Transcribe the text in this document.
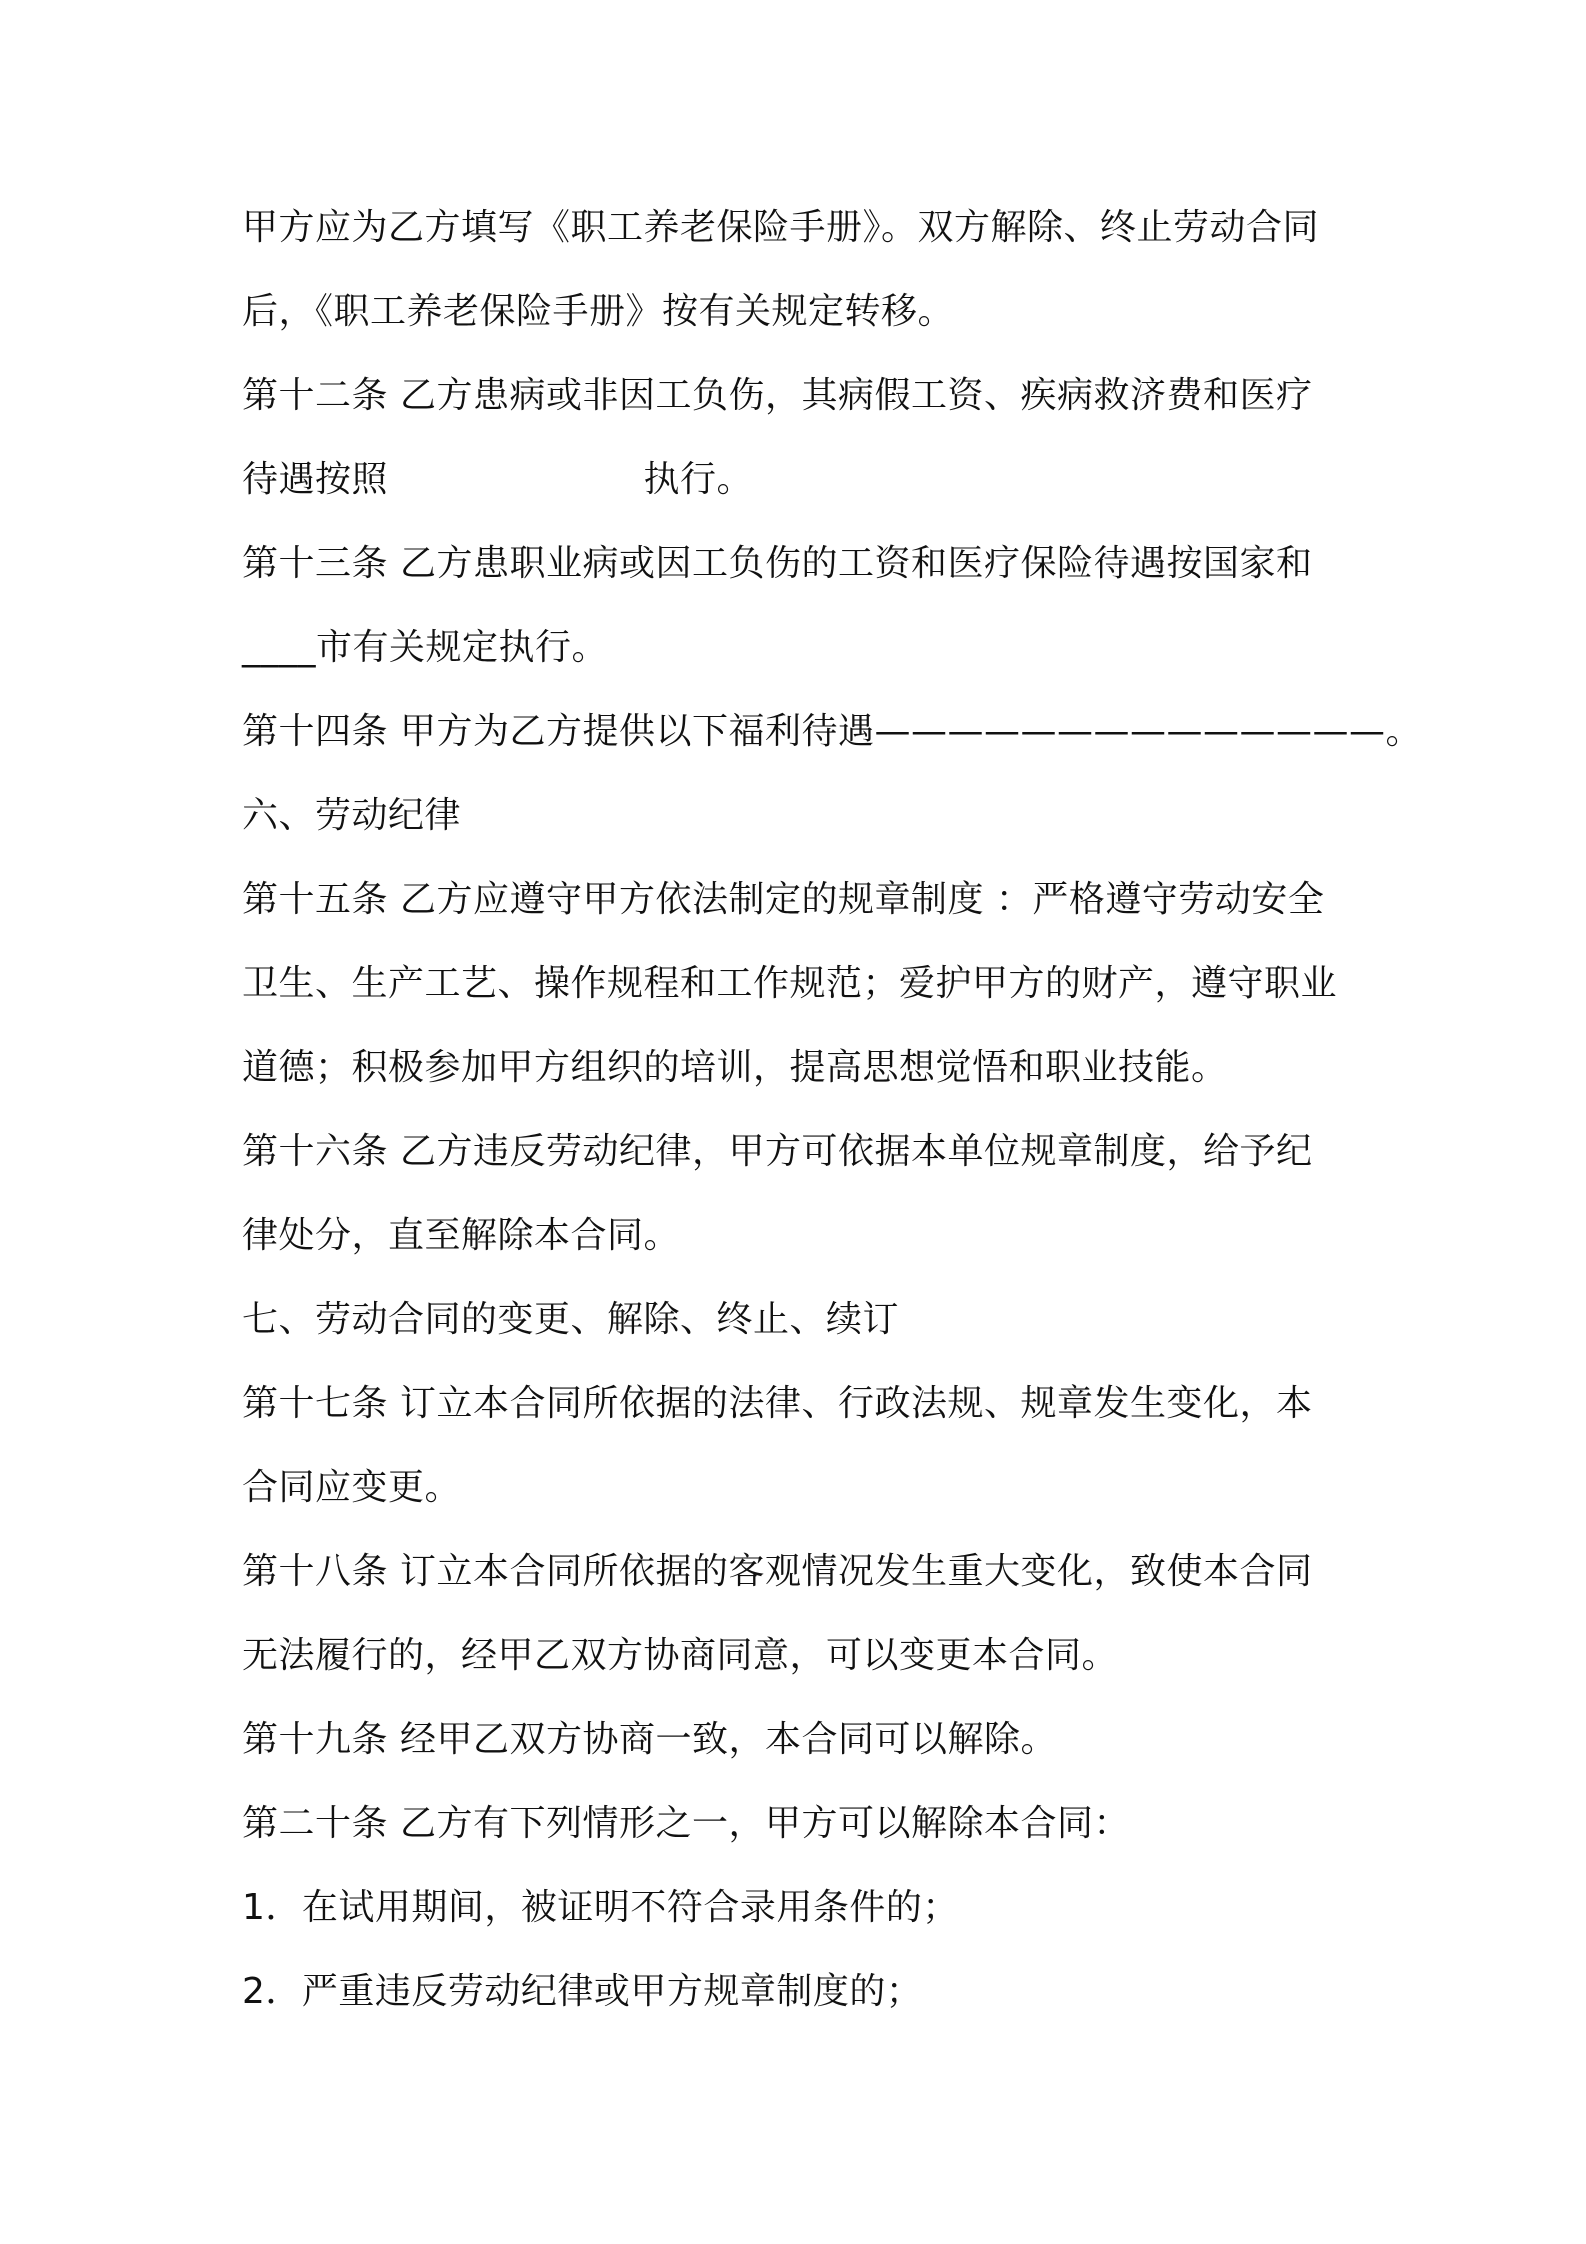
甲方应为乙方填写《职工养老保险手册》。双方解除、终止劳动合同
后，《职工养老保险手册》按有关规定转移。
第十二条 乙方患病或非因工负伤，其病假工资、疾病救济费和医疗
待遇按照　　　　　　　执行。
第十三条 乙方患职业病或因工负伤的工资和医疗保险待遇按国家和
____市有关规定执行。
第十四条 甲方为乙方提供以下福利待遇——————————————。
六、劳动纪律
第十五条 乙方应遵守甲方依法制定的规章制度 ：严格遵守劳动安全
卫生、生产工艺、操作规程和工作规范；爱护甲方的财产，遵守职业
道德；积极参加甲方组织的培训，提高思想觉悟和职业技能。
第十六条 乙方违反劳动纪律，甲方可依据本单位规章制度，给予纪
律处分，直至解除本合同。
七、劳动合同的变更、解除、终止、续订
第十七条 订立本合同所依据的法律、行政法规、规章发生变化，本
合同应变更。
第十八条 订立本合同所依据的客观情况发生重大变化，致使本合同
无法履行的，经甲乙双方协商同意，可以变更本合同。
第十九条 经甲乙双方协商一致，本合同可以解除。
第二十条 乙方有下列情形之一，甲方可以解除本合同：
1．在试用期间，被证明不符合录用条件的；
2．严重违反劳动纪律或甲方规章制度的；
